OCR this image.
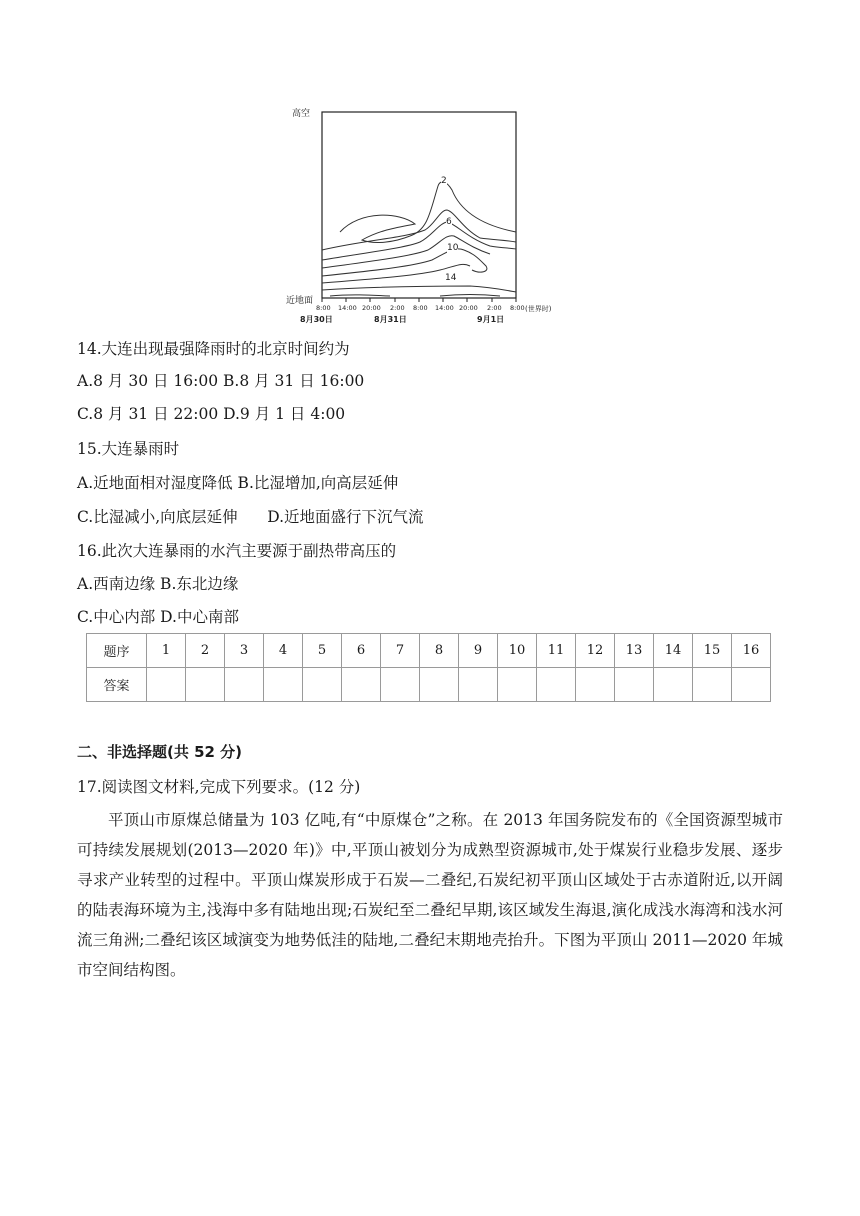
高空
近地面
8:00 14:00 20:00 2:00 8:00 14:00 20:00 2:00 8:00 (世界时)
8月30日	8月31日	9月1日
2
6
10
14
14.大连出现最强降雨时的北京时间约为
A.8 月 30 日 16:00 B.8 月 31 日 16:00
C.8 月 31 日 22:00 D.9 月 1 日 4:00
15.大连暴雨时
A.近地面相对湿度降低 B.比湿增加,向高层延伸
C.比湿减小,向底层延伸      D.近地面盛行下沉气流
16.此次大连暴雨的水汽主要源于副热带高压的
A.西南边缘 B.东北边缘
C.中心内部 D.中心南部
题序	1	2	3	4	5	6	7	8	9	10	11	12	13	14	15	16
答案																
二、非选择题(共 52 分)
17.阅读图文材料,完成下列要求。(12 分)
平顶山市原煤总储量为 103 亿吨,有“中原煤仓”之称。在 2013 年国务院发布的《全国资源型城市可持续发展规划(2013—2020 年)》中,平顶山被划分为成熟型资源城市,处于煤炭行业稳步发展、逐步寻求产业转型的过程中。平顶山煤炭形成于石炭—二叠纪,石炭纪初平顶山区域处于古赤道附近,以开阔的陆表海环境为主,浅海中多有陆地出现;石炭纪至二叠纪早期,该区域发生海退,演化成浅水海湾和浅水河流三角洲;二叠纪该区域演变为地势低洼的陆地,二叠纪末期地壳抬升。下图为平顶山 2011—2020 年城市空间结构图。
